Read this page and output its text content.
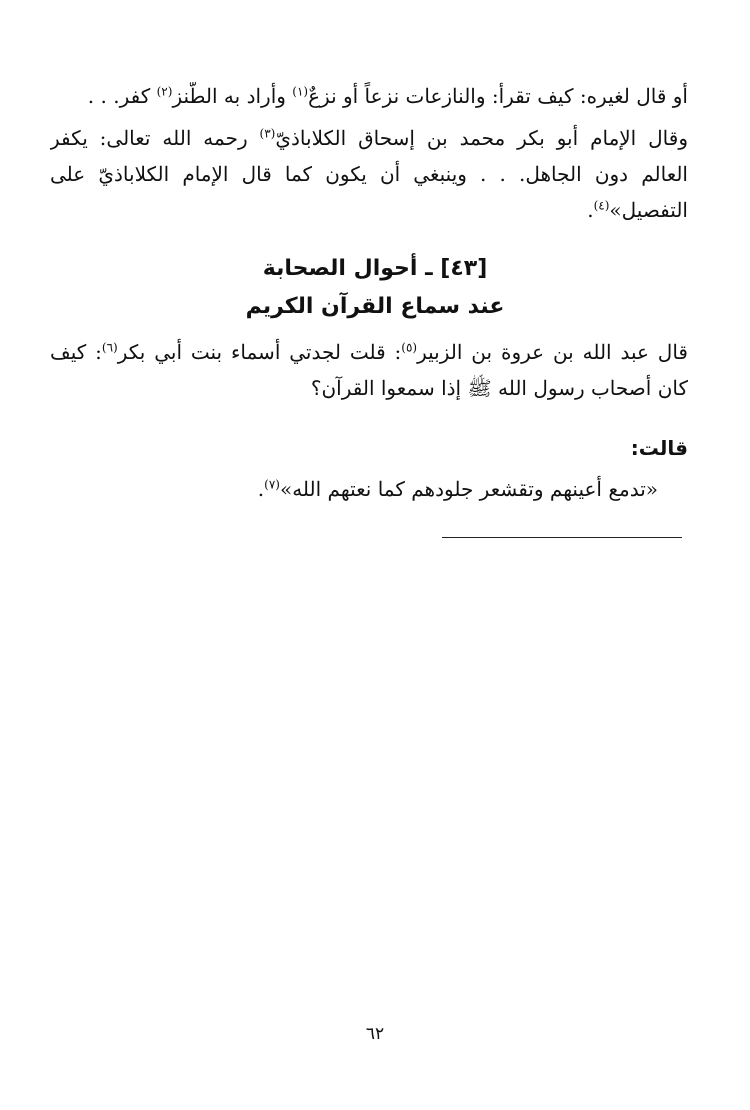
أو قال لغيره: كيف تقرأ: والنازعات نزعاً أو نزعٌ$^{(١)}$ وأراد به الطّنز$^{(٢)}$ كفر. . .
وقال الإمام أبو بكر محمد بن إسحاق الكلاباذيّ$^{(٣)}$ رحمه الله تعالى: يكفر
العالم دون الجاهل. . . وينبغي أن يكون كما قال الإمام الكلاباذيّ على
التفصيل»$^{(٤)}$.
[٤٣] ـ أحوال الصحابة
عند سماع القرآن الكريم
قال عبد الله بن عروة بن الزبير$^{(٥)}$: قلت لجدتي أسماء بنت أبي بكر$^{(٦)}$: كيف
كان أصحاب رسول الله ﷺ إذا سمعوا القرآن؟
قالت:
«تدمع أعينهم وتقشعر جلودهم كما نعتهم الله»$^{(٧)}$.
٦٢
